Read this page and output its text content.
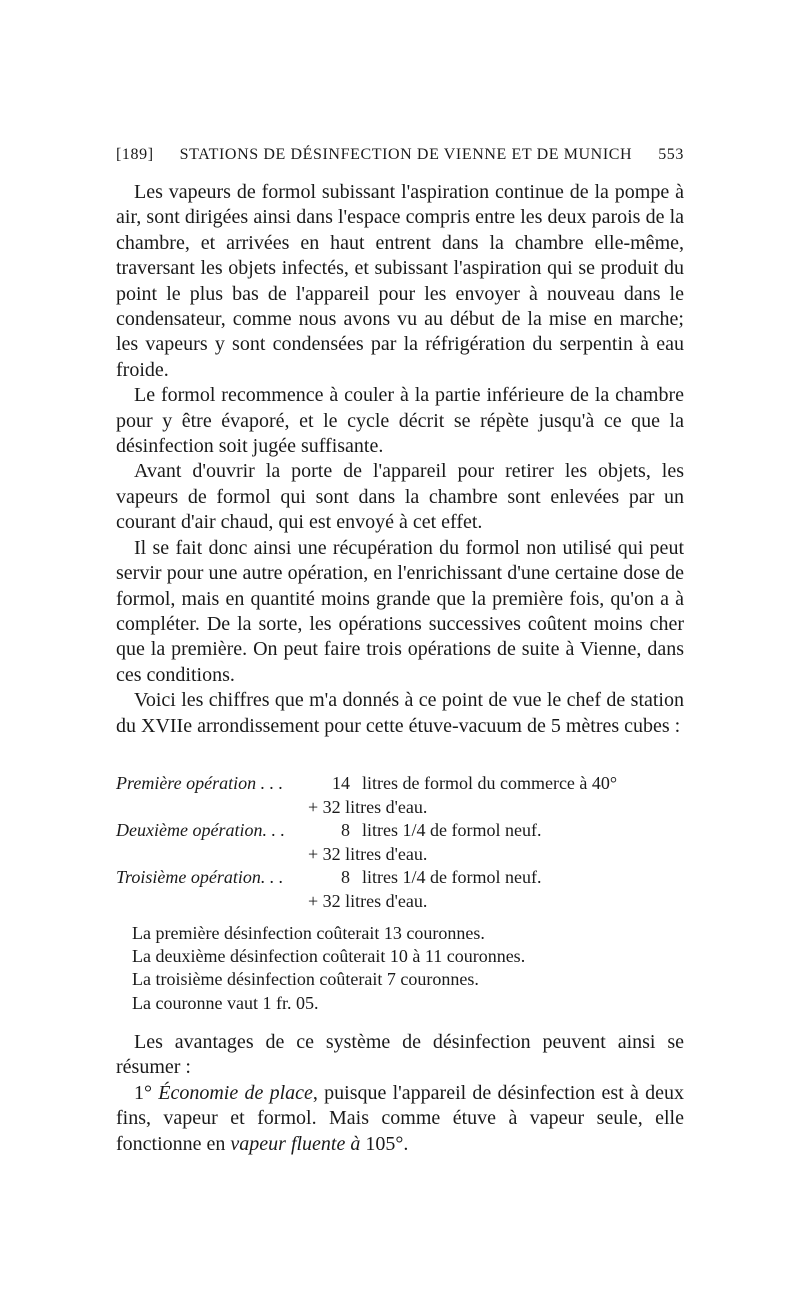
[189] STATIONS DE DÉSINFECTION DE VIENNE ET DE MUNICH 553

Les vapeurs de formol subissant l'aspiration continue de la pompe à air, sont dirigées ainsi dans l'espace compris entre les deux parois de la chambre, et arrivées en haut entrent dans la chambre elle-même, traversant les objets infectés, et subissant l'aspiration qui se produit du point le plus bas de l'appareil pour les envoyer à nouveau dans le condensateur, comme nous avons vu au début de la mise en marche; les vapeurs y sont condensées par la réfrigération du serpentin à eau froide.

Le formol recommence à couler à la partie inférieure de la chambre pour y être évaporé, et le cycle décrit se répète jusqu'à ce que la désinfection soit jugée suffisante.

Avant d'ouvrir la porte de l'appareil pour retirer les objets, les vapeurs de formol qui sont dans la chambre sont enlevées par un courant d'air chaud, qui est envoyé à cet effet.

Il se fait donc ainsi une récupération du formol non utilisé qui peut servir pour une autre opération, en l'enrichissant d'une certaine dose de formol, mais en quantité moins grande que la première fois, qu'on a à compléter. De la sorte, les opérations successives coûtent moins cher que la première. On peut faire trois opérations de suite à Vienne, dans ces conditions.

Voici les chiffres que m'a donnés à ce point de vue le chef de station du XVIIe arrondissement pour cette étuve-vacuum de 5 mètres cubes :

Première opération . . .	14 litres de formol du commerce à 40°
+ 32 litres d'eau.
Deuxième opération. . .	8 litres 1/4 de formol neuf.
+ 32 litres d'eau.
Troisième opération. . .	8 litres 1/4 de formol neuf.
+ 32 litres d'eau.
La première désinfection coûterait 13 couronnes.
La deuxième désinfection coûterait 10 à 11 couronnes.
La troisième désinfection coûterait 7 couronnes.
La couronne vaut 1 fr. 05.

Les avantages de ce système de désinfection peuvent ainsi se résumer :

1° Économie de place, puisque l'appareil de désinfection est à deux fins, vapeur et formol. Mais comme étuve à vapeur seule, elle fonctionne en vapeur fluente à 105°.
